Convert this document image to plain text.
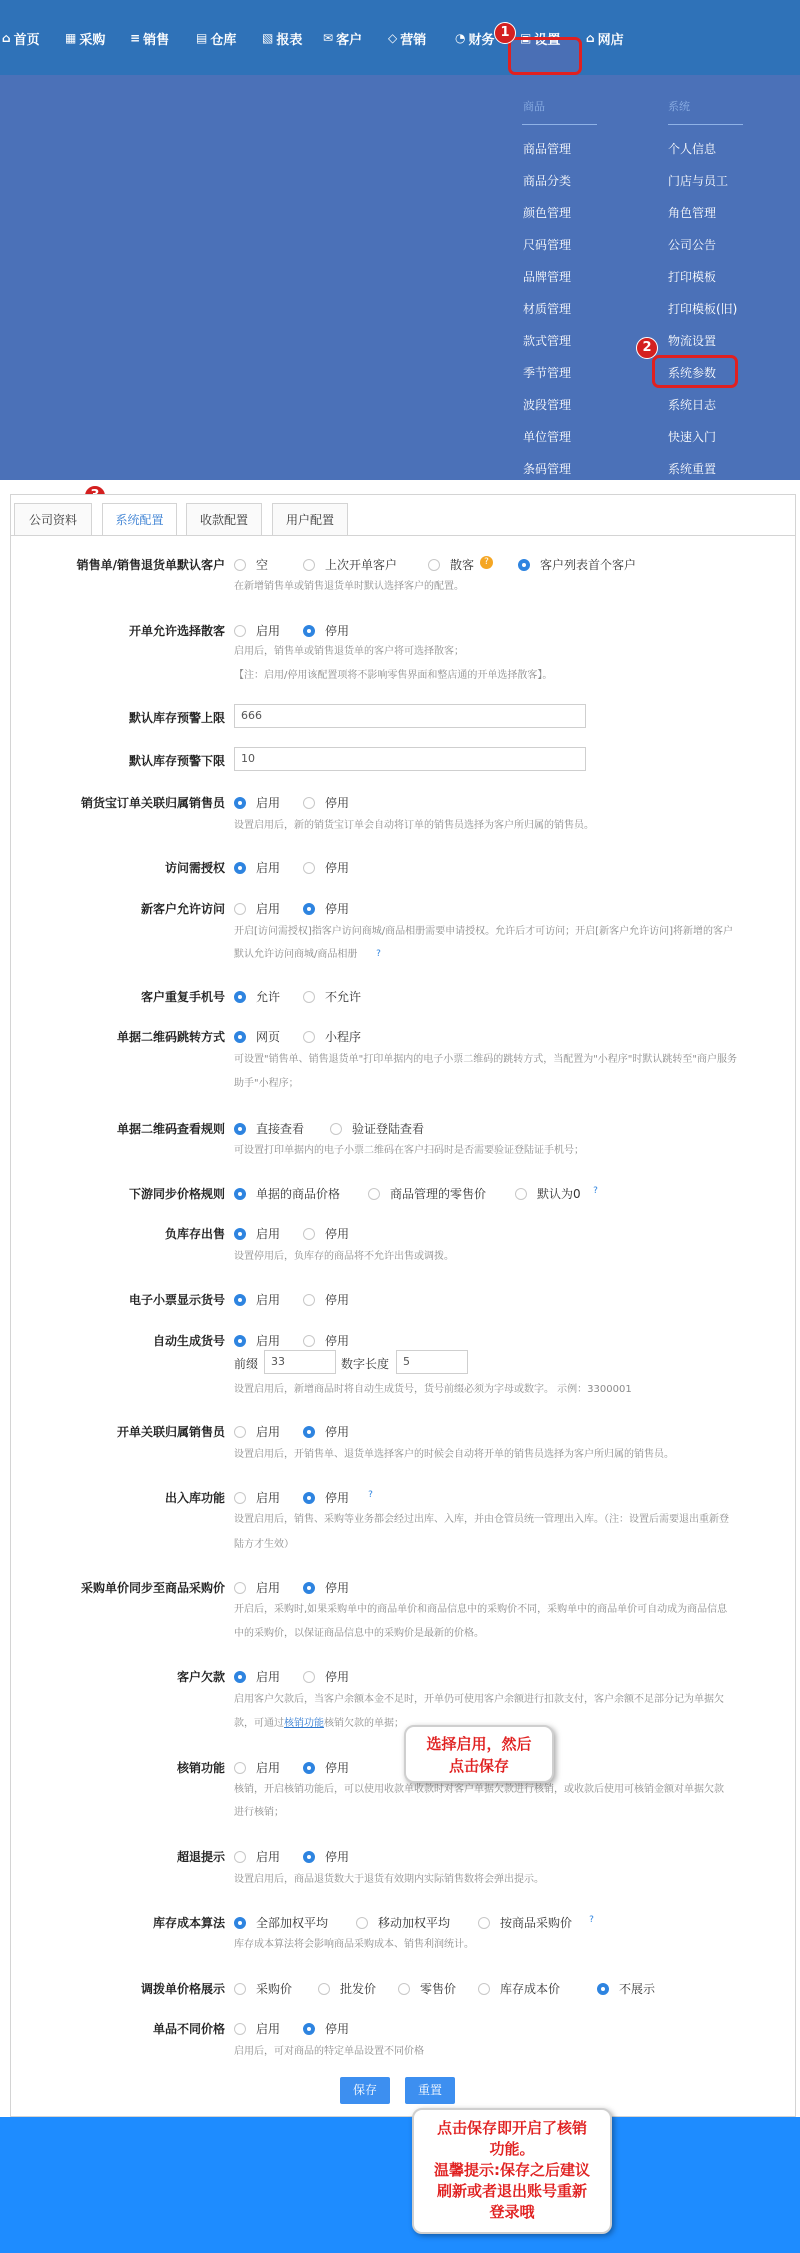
⌂ 首页 ▦ 采购 ≡ 销售 ▤ 仓库 ▧ 报表 ✉ 客户 ◇ 营销 ◔ 财务 ▣ 设置 ⌂ 网店
商品	系统
商品管理
商品分类
颜色管理
尺码管理
品牌管理
材质管理
款式管理
季节管理
波段管理
单位管理
条码管理
个人信息
门店与员工
角色管理
公司公告
打印模板
打印模板(旧)
物流设置
系统参数
系统日志
快速入门
系统重置
1
2
公司资料	系统配置	收款配置	用户配置
销售单/销售退货单默认客户	空	上次开单客户	散客	客户列表首个客户
?
在新增销售单或销售退货单时默认选择客户的配置。
开单允许选择散客	启用	停用
启用后，销售单或销售退货单的客户将可选择散客；
【注：启用/停用该配置项将不影响零售界面和整店通的开单选择散客】。
默认库存预警上限	666
默认库存预警下限	10
销货宝订单关联归属销售员	启用	停用
设置启用后，新的销货宝订单会自动将订单的销售员选择为客户所归属的销售员。
访问需授权	启用	停用
新客户允许访问	启用	停用
开启[访问需授权]指客户访问商城/商品相册需要申请授权。允许后才可访问；开启[新客户允许访问]将新增的客户
默认允许访问商城/商品相册	?
客户重复手机号	允许	不允许
单据二维码跳转方式	网页	小程序
可设置"销售单、销售退货单"打印单据内的电子小票二维码的跳转方式，当配置为"小程序"时默认跳转至"商户服务
助手"小程序；
单据二维码查看规则	直接查看	验证登陆查看
可设置打印单据内的电子小票二维码在客户扫码时是否需要验证登陆证手机号；
下游同步价格规则	单据的商品价格	商品管理的零售价	默认为0	?
负库存出售	启用	停用
设置停用后，负库存的商品将不允许出售或调拨。
电子小票显示货号	启用	停用
自动生成货号	启用	停用
前缀	33	数字长度	5
设置启用后，新增商品时将自动生成货号，货号前缀必须为字母或数字。 示例：3300001
开单关联归属销售员	启用	停用
设置启用后，开销售单、退货单选择客户的时候会自动将开单的销售员选择为客户所归属的销售员。
出入库功能	启用	停用	?
设置启用后，销售、采购等业务都会经过出库、入库，并由仓管员统一管理出入库。（注：设置后需要退出重新登
陆方才生效）
采购单价同步至商品采购价	启用	停用
开启后，采购时,如果采购单中的商品单价和商品信息中的采购价不同，采购单中的商品单价可自动成为商品信息
中的采购价，以保证商品信息中的采购价是最新的价格。
客户欠款	启用	停用
启用客户欠款后，当客户余额本金不足时，开单仍可使用客户余额进行扣款支付，客户余额不足部分记为单据欠
款，可通过核销功能核销欠款的单据；
核销功能	启用	停用
核销，开启核销功能后，可以使用收款单收款时对客户单据欠款进行核销，或收款后使用可核销金额对单据欠款
进行核销；
超退提示	启用	停用
设置启用后，商品退货数大于退货有效期内实际销售数将会弹出提示。
库存成本算法	全部加权平均	移动加权平均	按商品采购价	?
库存成本算法将会影响商品采购成本、销售利润统计。
调拨单价格展示	采购价	批发价	零售价	库存成本价	不展示
单品不同价格	启用	停用
启用后，可对商品的特定单品设置不同价格
保存	重置
选择启用，然后
点击保存
点击保存即开启了核销
功能。
温馨提示:保存之后建议
刷新或者退出账号重新
登录哦
